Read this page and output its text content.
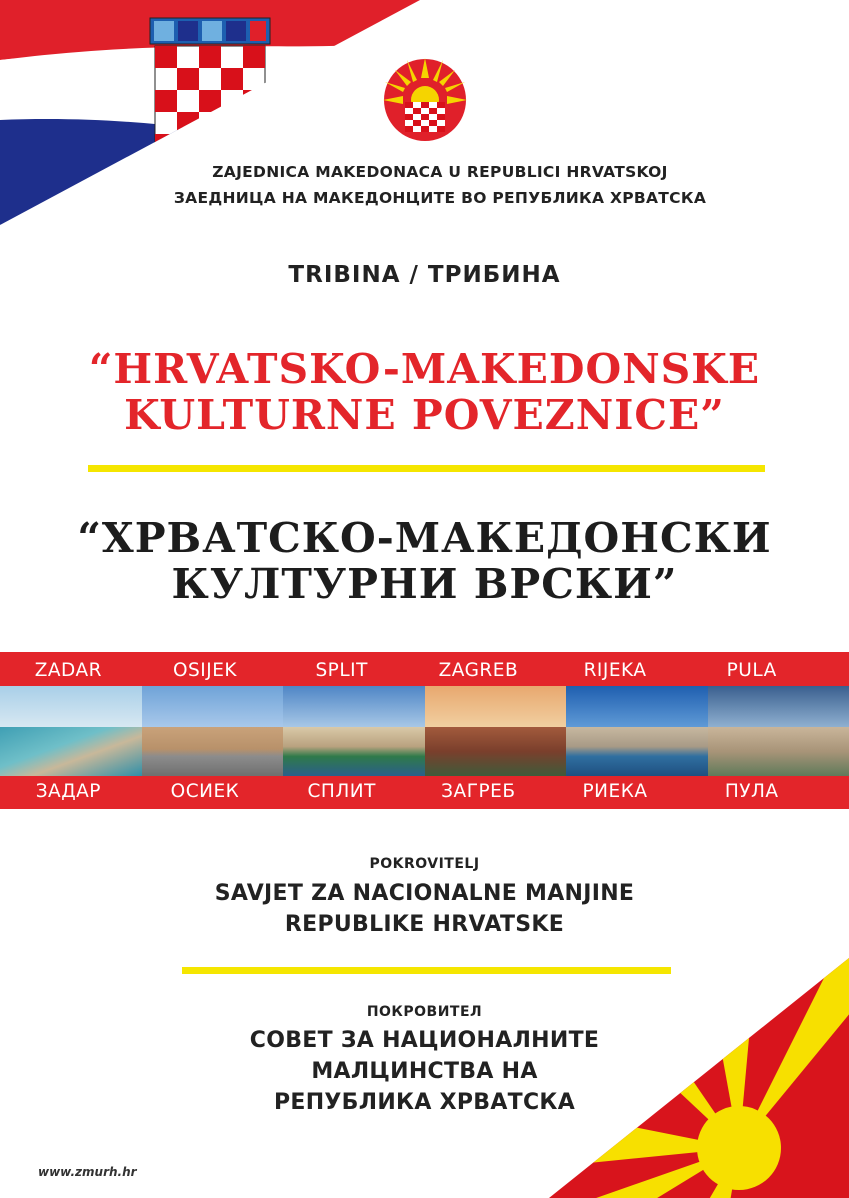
ZAJEDNICA MAKEDONACA U REPUBLICI HRVATSKOJ
ЗАЕДНИЦА НА МАКЕДОНЦИТЕ ВО РЕПУБЛИКА ХРВАТСКА
TRIBINA / ТРИБИНА
“HRVATSKO-MAKEDONSKE
KULTURNE POVEZNICE”
“ХРВАТСКО-МАКЕДОНСКИ
КУЛТУРНИ ВРСКИ”
ZADAR	OSIJEK	SPLIT	ZAGREB	RIJEKA	PULA
ЗАДАР	ОСИЕК	СПЛИТ	ЗАГРЕБ	РИЕКА	ПУЛА
POKROVITELJ
SAVJET ZA NACIONALNE MANJINE
REPUBLIKE HRVATSKE
ПОКРОВИТЕЛ
СОВЕТ ЗА НАЦИОНАЛНИТЕ
МАЛЦИНСТВА НА
РЕПУБЛИКА ХРВАТСКА
www.zmurh.hr
